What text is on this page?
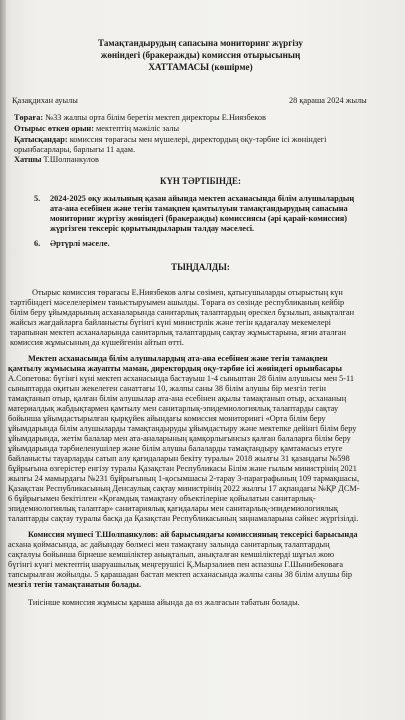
Тамақтандырудың сапасына мониторинг жүргізу
жөніндегі (бракеражды) комиссия отырысының
ХАТТАМАСЫ (көшірме)
Қазақдихан ауылы	28 қараша 2024 жылы
Төраға: №33 жалпы орта білім беретін мектеп директоры Е.Ниязбеков
Отырыс өткен орын: мектептің мәжіліс залы
Қатысқандар: комиссия төрағасы мен мүшелері, директордың оқу-тәрбие ісі жөніндегі
орынбасарлары, барлығы 11 адам.
Хатшы Т.Шолпанкулов
КҮН ТӘРТІБІНДЕ:
5. 2024-2025 оқу жылының қазан айында мектеп асханасында білім алушылардың
ата-ана есебінен және тегін тамақпен қамтылуын тамақтандырудың сапасына
мониторинг жүргізу жөніндегі (бракеражды) комиссиясы (әрі қарай-комиссия)
жүргізген тексеріс қорытындыларын талдау мәселесі.
6. Әртүрлі мәселе.
ТЫҢДАЛДЫ:
Отырыс комиссия төрағасы Е.Ниязбеков алғы сөзімен, қатысушыларды отырыстың күн
тәртібіндегі мәселелерімен таныстыруымен ашылды. Төраға өз сөзінде республиканың кейбір
білім беру ұйымдарының асханаларында санитарлық талаптардың өрескел бұзылып, анықталған
жайсыз жағдайларға байланысты бүгінгі күні министрлік және тегін қадағалау мекемелері
тарапынан мектеп асханаларында санитарлық талаптардың сақтау жұмыстарына, яғни аталған
комиссия жұмысының да күшейгенін айтып өтті.
Мектеп асханасында білім алушылардың ата-ана есебінен және тегін тамақпен
қамтылу жұмысына жауапты маман, директордың оқу-тәрбие ісі жөніндегі орынбасары
А.Сопетова: бүгінгі күні мектеп асханасында бастауыш 1-4 сыныптан 28 білім алушысы мен 5-11
сыныптарда оқитын жекелеген санаттағы 10, жалпы саны 38 білім алушы бір мезгіл тегін
тамақтанып отыр, қалған білім алушылар ата-ана есебінен ақылы тамақтанып отыр, асхананың
материалдық жабдықтармен қамтылу мен санитарлық-эпидемиологиялық талаптарды сақтау
бойынша ұйымдастырылған қырқүйек айындағы комиссия мониторингі «Орта білім беру
ұйымдарында білім алушыларды тамақтандыруды ұйымдастыру және мектепке дейінгі білім беру
ұйымдарында, жетім балалар мен ата-аналарының қамқорлығынсыз қалған балаларға білім беру
ұйымдарында тәрбиеленушілер және білім алушы балаларды тамақтандыру қамтамасыз етуге
байланысты тауарларды сатып алу қағидаларын бекіту туралы» 2018 жылғы 31 қазандағы №598
бұйрығына өзгерістер енгізу туралы Қазақстан Республикасы Білім және ғылым министрінің 2021
жылғы 24 мамырдағы №231 бұйрығының 1-қосымшасы 2-тарау 3-параграфының 109 тармақшасы,
Қазақстан Республикасының Денсаулық сақтау министрінің 2022 жылғы 17 ақпандағы №ҚР ДСМ-
6 бұйрығымен бекітілген «Қоғамдық тамақтану объектілеріне қойылатын санитарлық-
эпидемиологиялық талаптар» санитариялық қағидалары мен санитарлық-эпидемиологиялық
талаптарды сақтау туралы басқа да Қазақстан Республикасының заңнамаларына сәйкес жүргізілді.
Комиссия мүшесі Т.Шолпанкулов: ай барысындағы комиссияның тексерісі барысында
асхана қоймасында, ас дайындау бөлмесі мен тамақтану залында санитарлық талаптардың
сақталуы бойынша бірнеше кемшіліктер анықталып, анықталған кемшіліктерді шұғыл жою
бүгінгі күнгі мектептің шаруашылық меңгерушісі Қ.Мырзалиев пен аспазшы Г.Шынибековаға
тапсырылған жойылды. 5 қарашадан бастап мектеп асханасында жалпы саны 38 білім алушы бір
мезгіл тегін тамақтанатын болады.
Тиісінше комиссия жұмысы қараша айында да өз жалғасын табатын болады.
